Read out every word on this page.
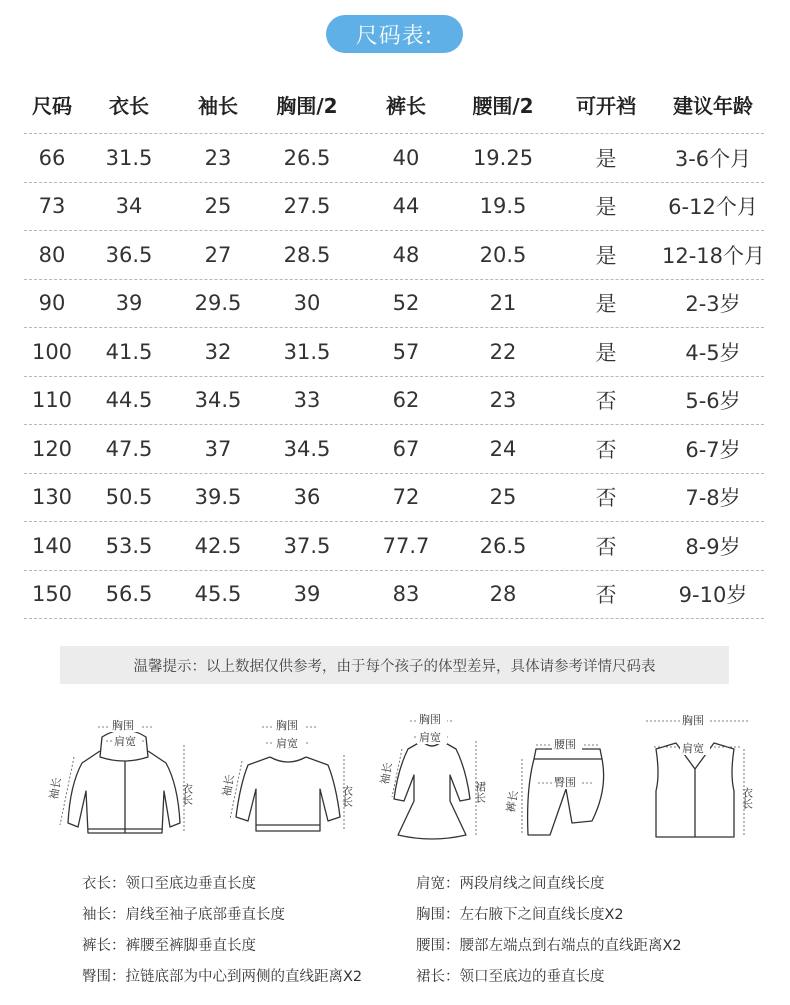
尺码表:
尺码	衣长	袖长	胸围/2	裤长	腰围/2	可开裆	建议年龄
66	31.5	23	26.5	40	19.25	是	3-6个月
73	34	25	27.5	44	19.5	是	6-12个月
80	36.5	27	28.5	48	20.5	是	12-18个月
90	39	29.5	30	52	21	是	2-3岁
100	41.5	32	31.5	57	22	是	4-5岁
110	44.5	34.5	33	62	23	否	5-6岁
120	47.5	37	34.5	67	24	否	6-7岁
130	50.5	39.5	36	72	25	否	7-8岁
140	53.5	42.5	37.5	77.7	26.5	否	8-9岁
150	56.5	45.5	39	83	28	否	9-10岁
温馨提示：以上数据仅供参考，由于每个孩子的体型差异，具体请参考详情尺码表
胸围
肩宽
衣长
袖长
胸围
肩宽
衣长
袖长
胸围
肩宽
裙长
袖长
腰围
臀围
裤长
胸围
肩宽
衣长
衣长：领口至底边垂直长度
袖长：肩线至袖子底部垂直长度
裤长：裤腰至裤脚垂直长度
臀围：拉链底部为中心到两侧的直线距离X2
肩宽：两段肩线之间直线长度
胸围：左右腋下之间直线长度X2
腰围：腰部左端点到右端点的直线距离X2
裙长：领口至底边的垂直长度
